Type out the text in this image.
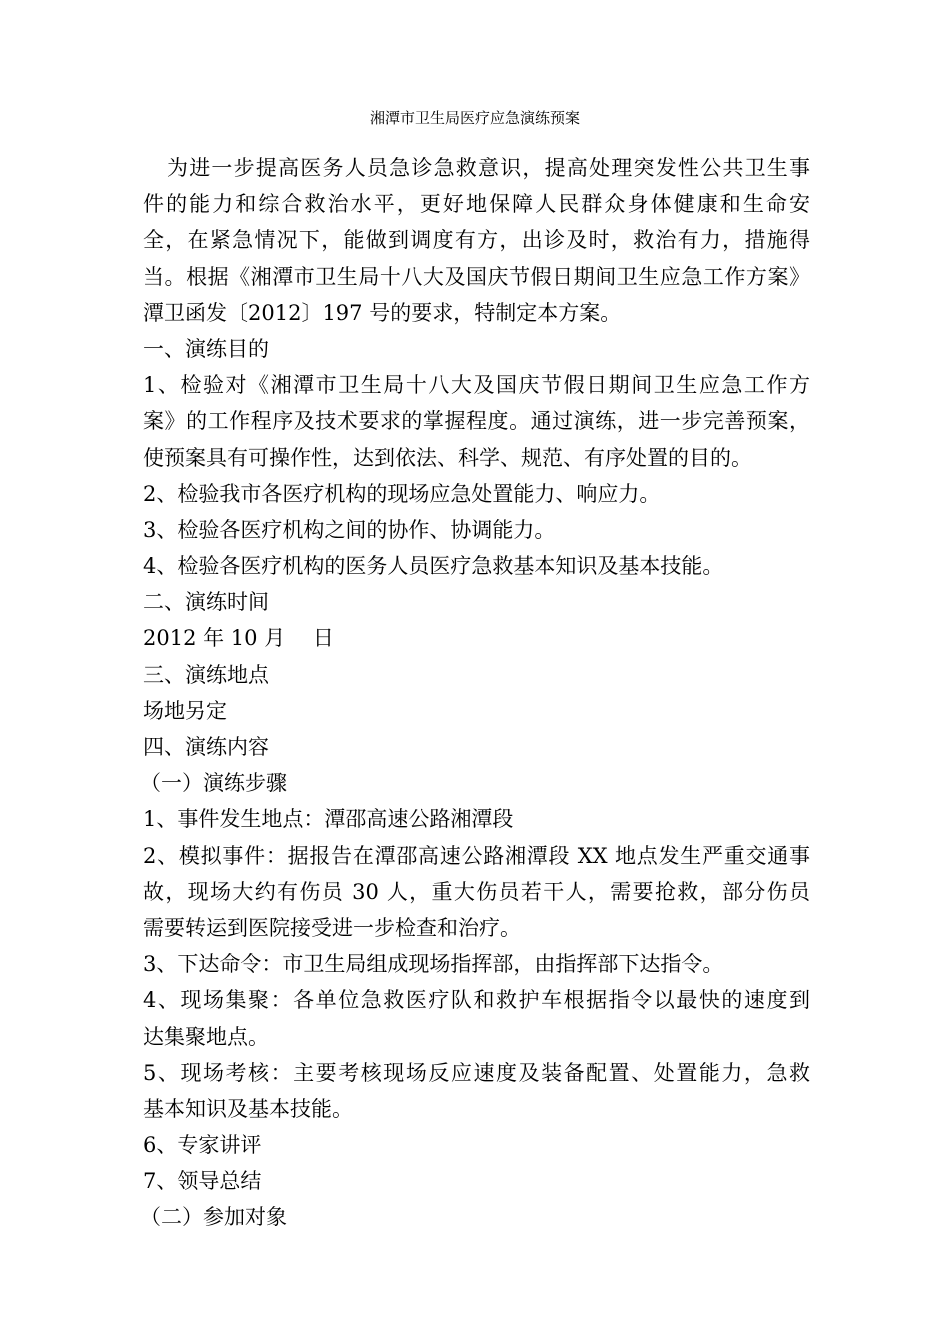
湘潭市卫生局医疗应急演练预案
为进一步提高医务人员急诊急救意识，提高处理突发性公共卫生事
件的能力和综合救治水平，更好地保障人民群众身体健康和生命安
全，在紧急情况下，能做到调度有方，出诊及时，救治有力，措施得
当。根据《湘潭市卫生局十八大及国庆节假日期间卫生应急工作方案》
潭卫函发〔2012〕197 号的要求，特制定本方案。
一、演练目的
1、检验对《湘潭市卫生局十八大及国庆节假日期间卫生应急工作方
案》的工作程序及技术要求的掌握程度。通过演练，进一步完善预案，
使预案具有可操作性，达到依法、科学、规范、有序处置的目的。
2、检验我市各医疗机构的现场应急处置能力、响应力。
3、检验各医疗机构之间的协作、协调能力。
4、检验各医疗机构的医务人员医疗急救基本知识及基本技能。
二、演练时间
2012 年 10 月　 日
三、演练地点
场地另定
四、演练内容
（一）演练步骤
1、事件发生地点：潭邵高速公路湘潭段
2、模拟事件：据报告在潭邵高速公路湘潭段 XX 地点发生严重交通事
故，现场大约有伤员 30 人，重大伤员若干人，需要抢救，部分伤员
需要转运到医院接受进一步检查和治疗。
3、下达命令：市卫生局组成现场指挥部，由指挥部下达指令。
4、现场集聚：各单位急救医疗队和救护车根据指令以最快的速度到
达集聚地点。
5、现场考核：主要考核现场反应速度及装备配置、处置能力，急救
基本知识及基本技能。
6、专家讲评
7、领导总结
（二）参加对象
